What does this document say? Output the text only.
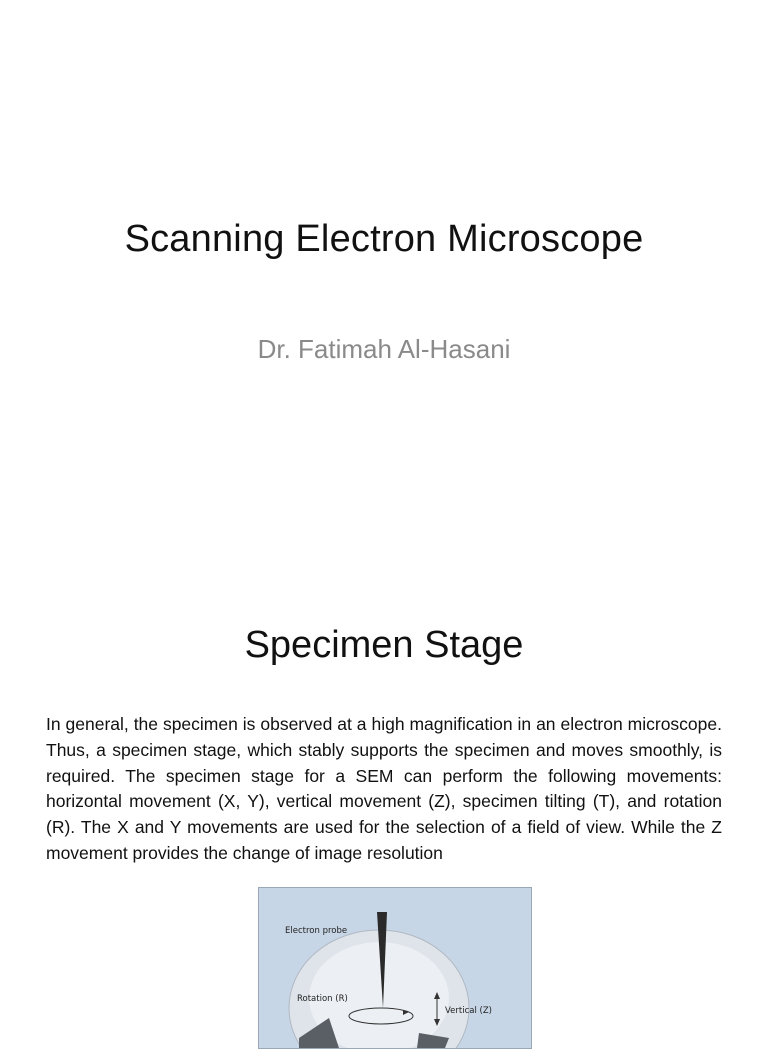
Scanning Electron Microscope
Dr. Fatimah Al-Hasani
Specimen Stage
In general, the specimen is observed at a high magnification in an electron microscope. Thus, a specimen stage, which stably supports the specimen and moves smoothly, is required. The specimen stage for a SEM can perform the following movements: horizontal movement (X, Y), vertical movement (Z), specimen tilting (T), and rotation (R). The X and Y movements are used for the selection of a field of view. While the Z movement provides the change of image resolution
Electron probe
Rotation (R)
Vertical (Z)
